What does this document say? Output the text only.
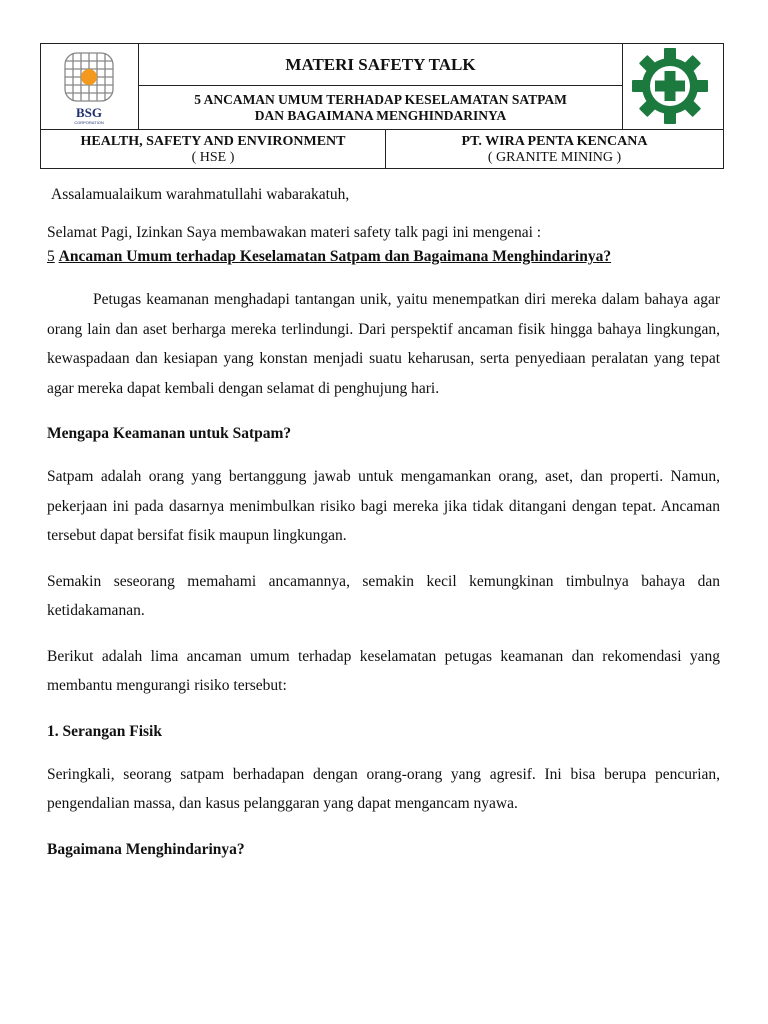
BSG
CORPORATION
MATERI SAFETY TALK
5 ANCAMAN UMUM TERHADAP KESELAMATAN SATPAM
DAN BAGAIMANA MENGHINDARINYA
HEALTH, SAFETY AND ENVIRONMENT
( HSE )
PT. WIRA PENTA KENCANA
( GRANITE MINING )

Assalamualaikum warahmatullahi wabarakatuh,

Selamat Pagi, Izinkan Saya membawakan materi safety talk pagi ini mengenai :

5 Ancaman Umum terhadap Keselamatan Satpam dan Bagaimana Menghindarinya?

Petugas keamanan menghadapi tantangan unik, yaitu menempatkan diri mereka dalam bahaya agar orang lain dan aset berharga mereka terlindungi. Dari perspektif ancaman fisik hingga bahaya lingkungan, kewaspadaan dan kesiapan yang konstan menjadi suatu keharusan, serta penyediaan peralatan yang tepat agar mereka dapat kembali dengan selamat di penghujung hari.

Mengapa Keamanan untuk Satpam?

Satpam adalah orang yang bertanggung jawab untuk mengamankan orang, aset, dan properti. Namun, pekerjaan ini pada dasarnya menimbulkan risiko bagi mereka jika tidak ditangani dengan tepat. Ancaman tersebut dapat bersifat fisik maupun lingkungan.

Semakin seseorang memahami ancamannya, semakin kecil kemungkinan timbulnya bahaya dan ketidakamanan.

Berikut adalah lima ancaman umum terhadap keselamatan petugas keamanan dan rekomendasi yang membantu mengurangi risiko tersebut:

1. Serangan Fisik

Seringkali, seorang satpam berhadapan dengan orang-orang yang agresif. Ini bisa berupa pencurian, pengendalian massa, dan kasus pelanggaran yang dapat mengancam nyawa.

Bagaimana Menghindarinya?
